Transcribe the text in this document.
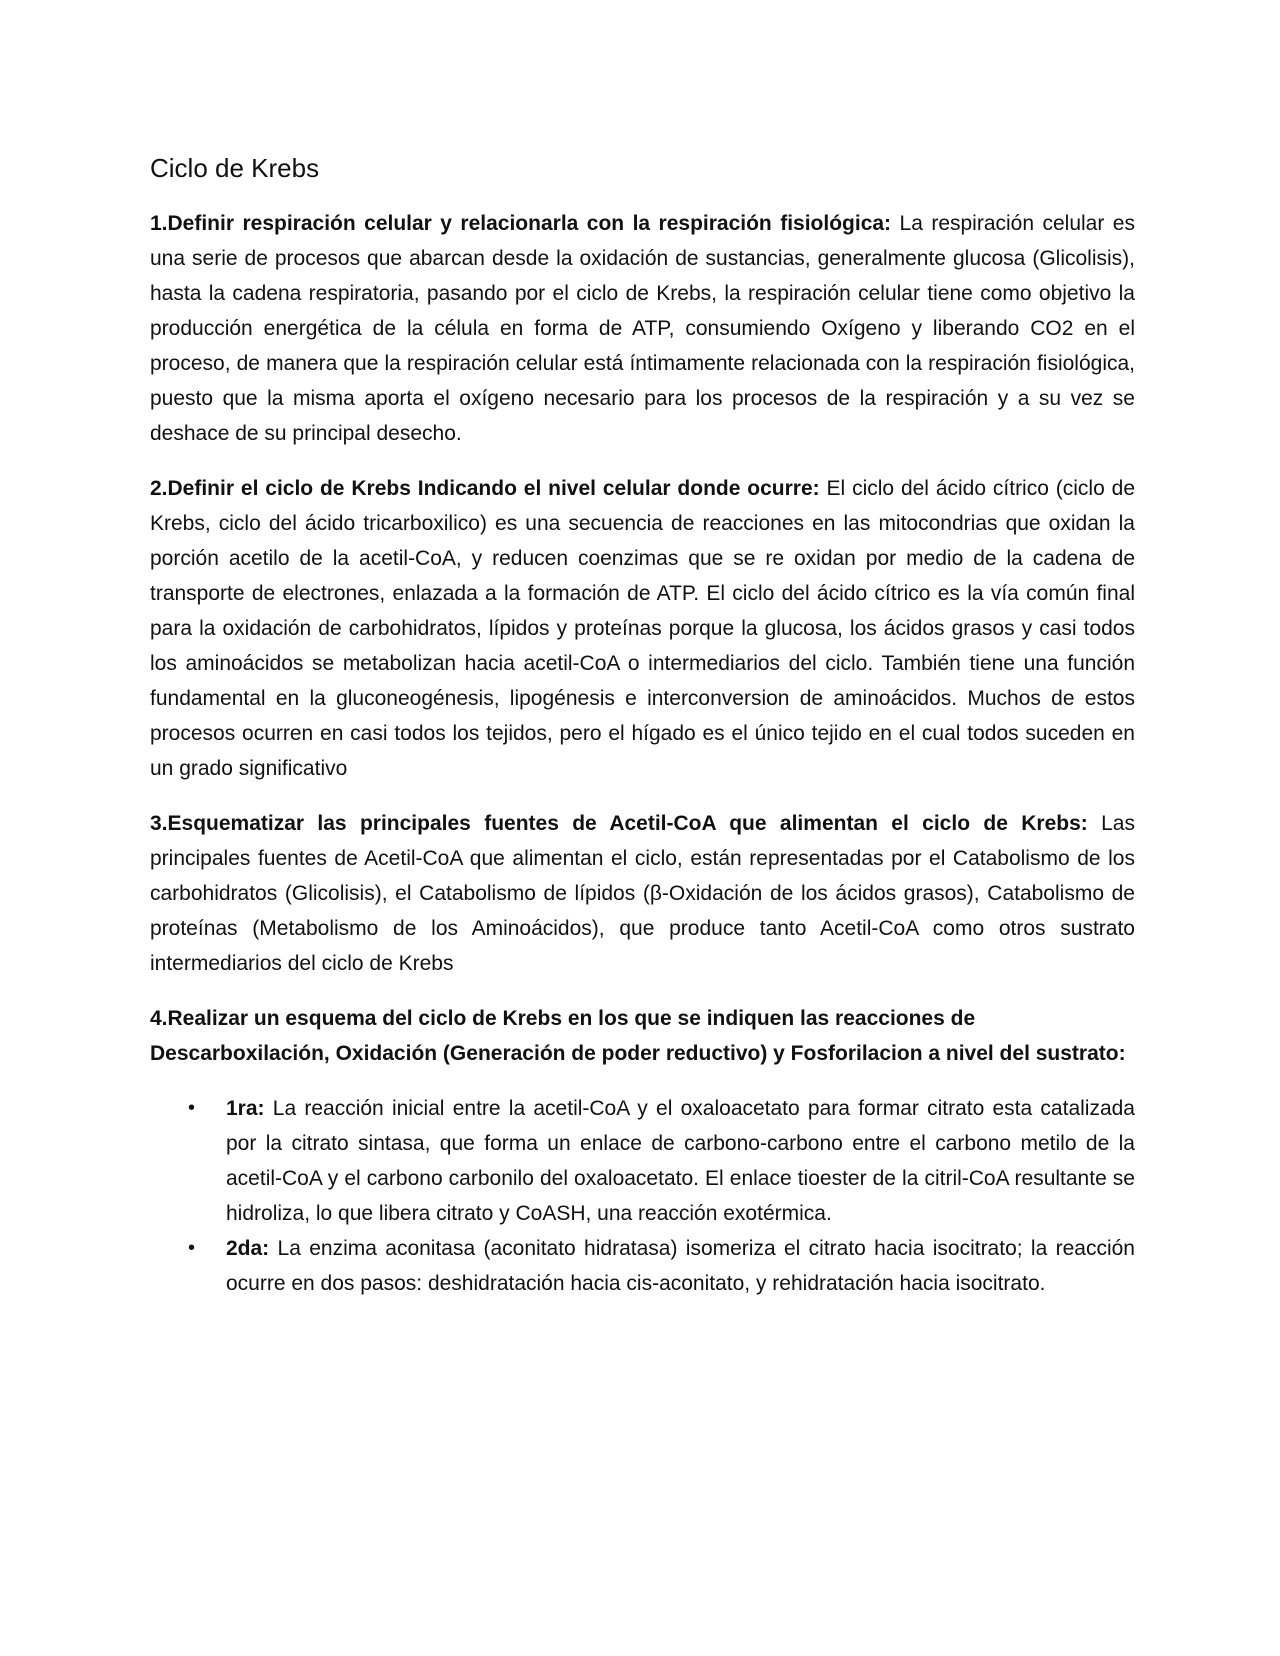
Ciclo de Krebs

1.Definir respiración celular y relacionarla con la respiración fisiológica: La respiración celular es una serie de procesos que abarcan desde la oxidación de sustancias, generalmente glucosa (Glicolisis), hasta la cadena respiratoria, pasando por el ciclo de Krebs, la respiración celular tiene como objetivo la producción energética de la célula en forma de ATP, consumiendo Oxígeno y liberando CO2 en el proceso, de manera que la respiración celular está íntimamente relacionada con la respiración fisiológica, puesto que la misma aporta el oxígeno necesario para los procesos de la respiración y a su vez se deshace de su principal desecho.

2.Definir el ciclo de Krebs Indicando el nivel celular donde ocurre: El ciclo del ácido cítrico (ciclo de Krebs, ciclo del ácido tricarboxilico) es una secuencia de reacciones en las mitocondrias que oxidan la porción acetilo de la acetil-CoA, y reducen coenzimas que se re oxidan por medio de la cadena de transporte de electrones, enlazada a la formación de ATP. El ciclo del ácido cítrico es la vía común final para la oxidación de carbohidratos, lípidos y proteínas porque la glucosa, los ácidos grasos y casi todos los aminoácidos se metabolizan hacia acetil-CoA o intermediarios del ciclo. También tiene una función fundamental en la gluconeogénesis, lipogénesis e interconversion de aminoácidos. Muchos de estos procesos ocurren en casi todos los tejidos, pero el hígado es el único tejido en el cual todos suceden en un grado significativo

3.Esquematizar las principales fuentes de Acetil-CoA que alimentan el ciclo de Krebs: Las principales fuentes de Acetil-CoA que alimentan el ciclo, están representadas por el Catabolismo de los carbohidratos (Glicolisis), el Catabolismo de lípidos (β-Oxidación de los ácidos grasos), Catabolismo de proteínas (Metabolismo de los Aminoácidos), que produce tanto Acetil-CoA como otros sustrato intermediarios del ciclo de Krebs

4.Realizar un esquema del ciclo de Krebs en los que se indiquen las reacciones de Descarboxilación, Oxidación (Generación de poder reductivo) y Fosforilacion a nivel del sustrato:

• 1ra: La reacción inicial entre la acetil-CoA y el oxaloacetato para formar citrato esta catalizada por la citrato sintasa, que forma un enlace de carbono-carbono entre el carbono metilo de la acetil-CoA y el carbono carbonilo del oxaloacetato. El enlace tioester de la citril-CoA resultante se hidroliza, lo que libera citrato y CoASH, una reacción exotérmica.
• 2da: La enzima aconitasa (aconitato hidratasa) isomeriza el citrato hacia isocitrato; la reacción ocurre en dos pasos: deshidratación hacia cis-aconitato, y rehidratación hacia isocitrato.
